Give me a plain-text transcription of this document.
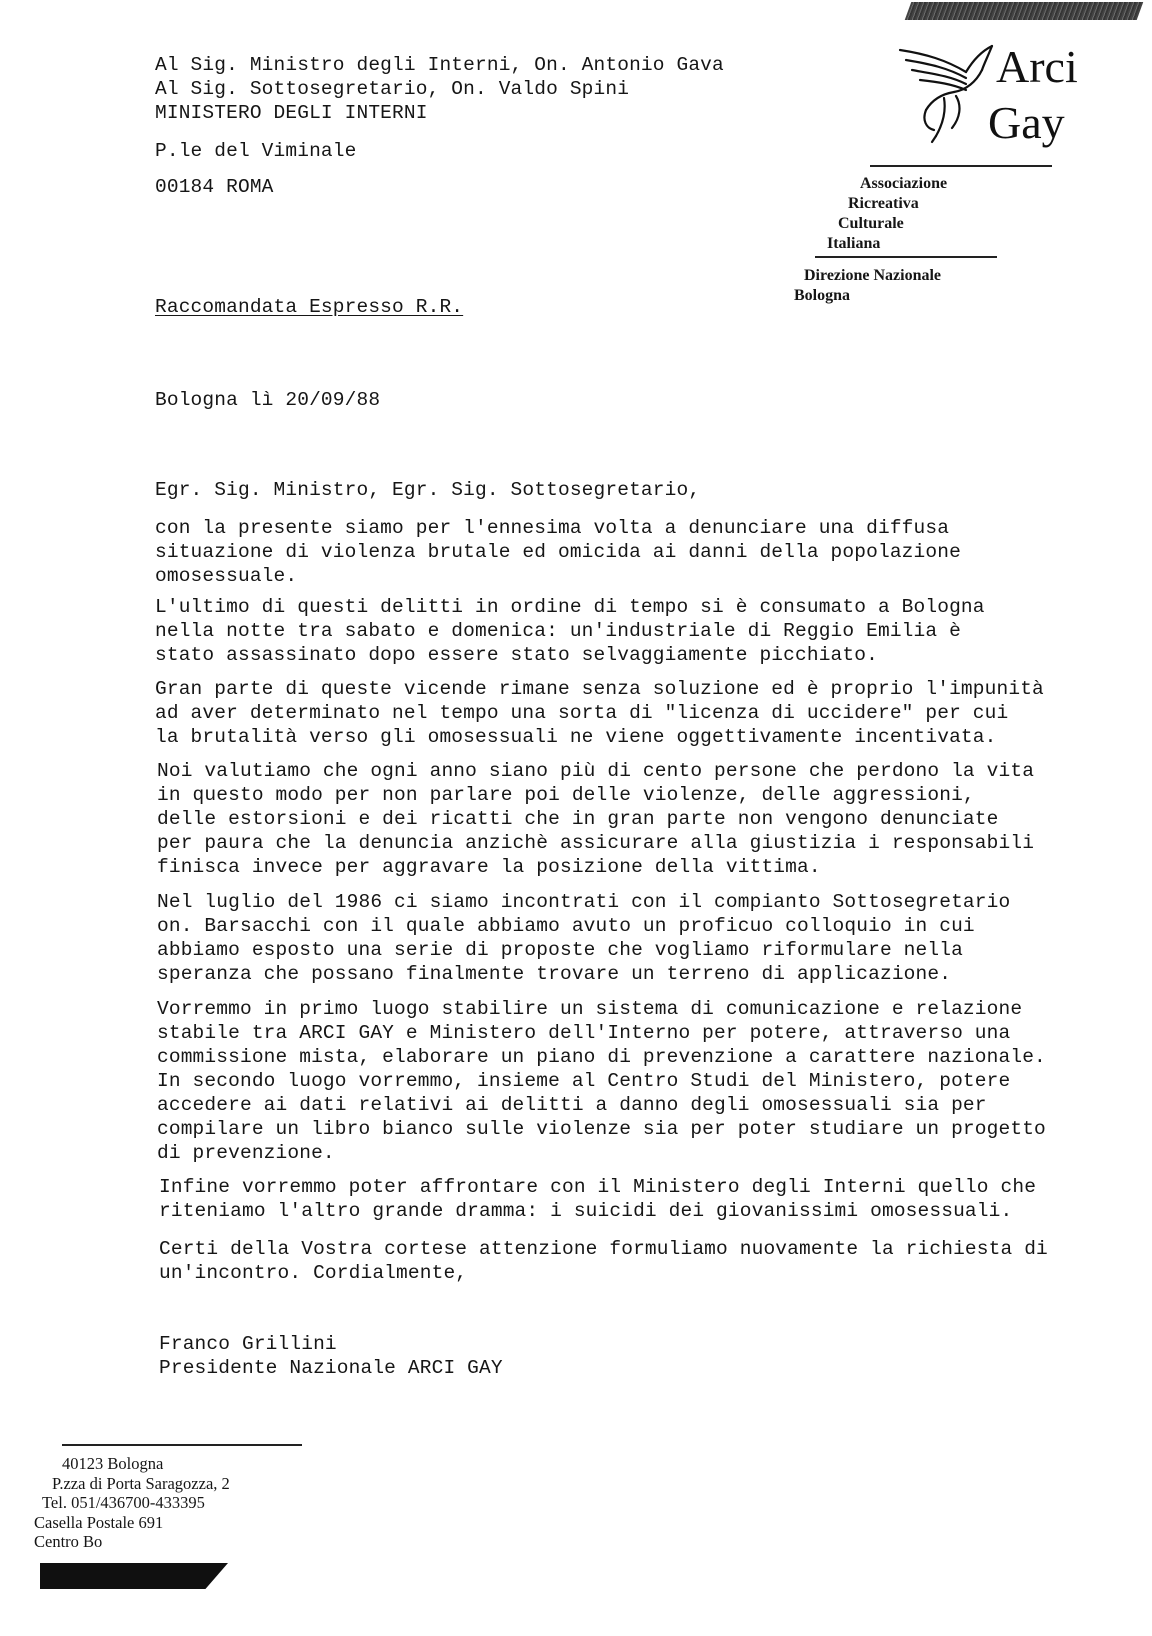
Al Sig. Ministro degli Interni, On. Antonio Gava
Al Sig. Sottosegretario, On. Valdo Spini
MINISTERO DEGLI INTERNI
P.le del Viminale
00184 ROMA
Arci
Gay
Associazione
Ricreativa
Culturale
Italiana
Direzione Nazionale
Bologna
Raccomandata Espresso R.R.
Bologna lì 20/09/88
Egr. Sig. Ministro, Egr. Sig. Sottosegretario,
con la presente siamo per l'ennesima volta a denunciare una diffusa
situazione di violenza brutale ed omicida ai danni della popolazione
omosessuale.
L'ultimo di questi delitti in ordine di tempo si è consumato a Bologna
nella notte tra sabato e domenica: un'industriale di Reggio Emilia è
stato assassinato dopo essere stato selvaggiamente picchiato.
Gran parte di queste vicende rimane senza soluzione ed è proprio l'impunità
ad aver determinato nel tempo una sorta di "licenza di uccidere" per cui
la brutalità verso gli omosessuali ne viene oggettivamente incentivata.
Noi valutiamo che ogni anno siano più di cento persone che perdono la vita
in questo modo per non parlare poi delle violenze, delle aggressioni,
delle estorsioni e dei ricatti che in gran parte non vengono denunciate
per paura che la denuncia anzichè assicurare alla giustizia i responsabili
finisca invece per aggravare la posizione della vittima.
Nel luglio del 1986 ci siamo incontrati con il compianto Sottosegretario
on. Barsacchi con il quale abbiamo avuto un proficuo colloquio in cui
abbiamo esposto una serie di proposte che vogliamo riformulare nella
speranza che possano finalmente trovare un terreno di applicazione.
Vorremmo in primo luogo stabilire un sistema di comunicazione e relazione
stabile tra ARCI GAY e Ministero dell'Interno per potere, attraverso una
commissione mista, elaborare un piano di prevenzione a carattere nazionale.
In secondo luogo vorremmo, insieme al Centro Studi del Ministero, potere
accedere ai dati relativi ai delitti a danno degli omosessuali sia per
compilare un libro bianco sulle violenze sia per poter studiare un progetto
di prevenzione.
Infine vorremmo poter affrontare con il Ministero degli Interni quello che
riteniamo l'altro grande dramma: i suicidi dei giovanissimi omosessuali.
Certi della Vostra cortese attenzione formuliamo nuovamente la richiesta di
un'incontro. Cordialmente,
Franco Grillini
Presidente Nazionale ARCI GAY
40123 Bologna
P.zza di Porta Saragozza, 2
Tel. 051/436700-433395
Casella Postale 691
Centro Bo
